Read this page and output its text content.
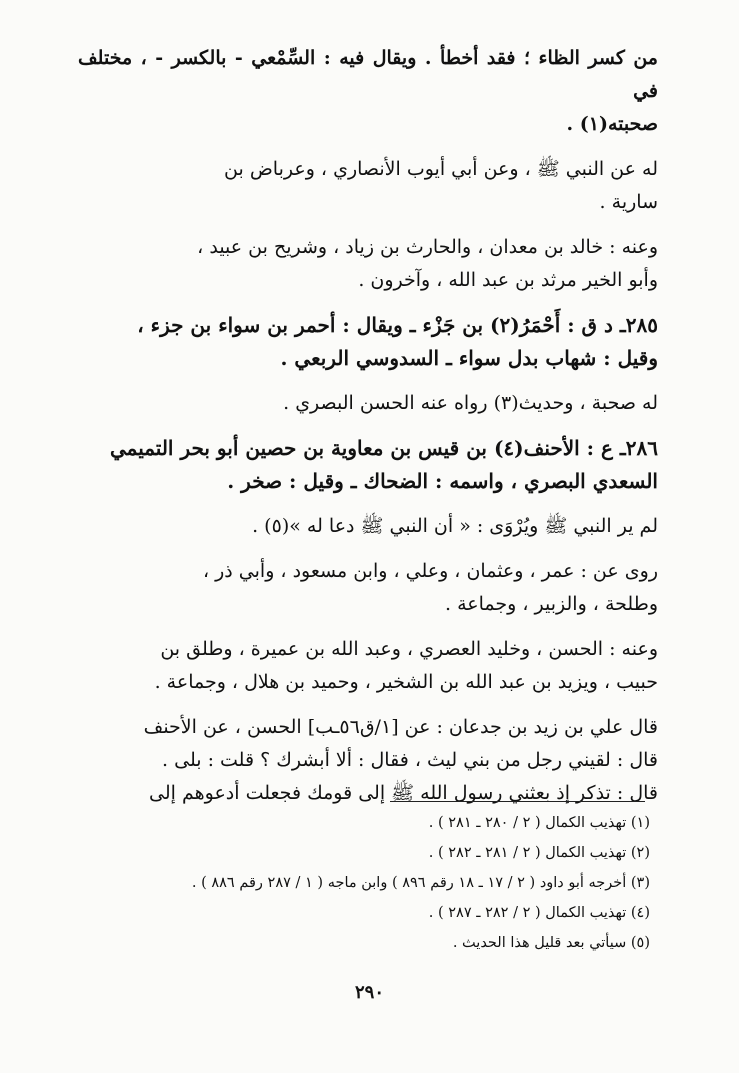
من كسر الظاء ؛ فقد أخطأ . ويقال فيه : السِّمْعي - بالكسر - ، مختلف في

صحبته(١) .

له عن النبي ﷺ ، وعن أبي أيوب الأنصاري ، وعرباض بن

سارية .

وعنه : خالد بن معدان ، والحارث بن زياد ، وشريح بن عبيد ،

وأبو الخير مرثد بن عبد الله ، وآخرون .

٢٨٥ـ د ق : أَحْمَرُ(٢) بن جَزْء ـ ويقال : أحمر بن سواء بن جزء ،

وقيل : شهاب بدل سواء ـ السدوسي الربعي .

له صحبة ، وحديث(٣) رواه عنه الحسن البصري .

٢٨٦ـ ع : الأحنف(٤) بن قيس بن معاوية بن حصين أبو بحر التميمي

السعدي البصري ، واسمه : الضحاك ـ وقيل : صخر .

لم ير النبي ﷺ ويُرْوَى : « أن النبي ﷺ دعا له »(٥) .

روى عن : عمر ، وعثمان ، وعلي ، وابن مسعود ، وأبي ذر ،

وطلحة ، والزبير ، وجماعة .

وعنه : الحسن ، وخليد العصري ، وعبد الله بن عميرة ، وطلق بن

حبيب ، ويزيد بن عبد الله بن الشخير ، وحميد بن هلال ، وجماعة .

قال علي بن زيد بن جدعان : عن [١/ق٥٦ـب] الحسن ، عن الأحنف

قال : لقيني رجل من بني ليث ، فقال : ألا أبشرك ؟ قلت : بلى .

قال : تذكر إذ بعثني رسول الله ﷺ إلى قومك فجعلت أدعوهم إلى

(١) تهذيب الكمال ( ٢ / ٢٨٠ ـ ٢٨١ ) .
(٢) تهذيب الكمال ( ٢ / ٢٨١ ـ ٢٨٢ ) .
(٣) أخرجه أبو داود ( ٢ / ١٧ ـ ١٨ رقم ٨٩٦ ) وابن ماجه ( ١ / ٢٨٧ رقم ٨٨٦ ) .
(٤) تهذيب الكمال ( ٢ / ٢٨٢ ـ ٢٨٧ ) .
(٥) سيأتي بعد قليل هذا الحديث .
٢٩٠
